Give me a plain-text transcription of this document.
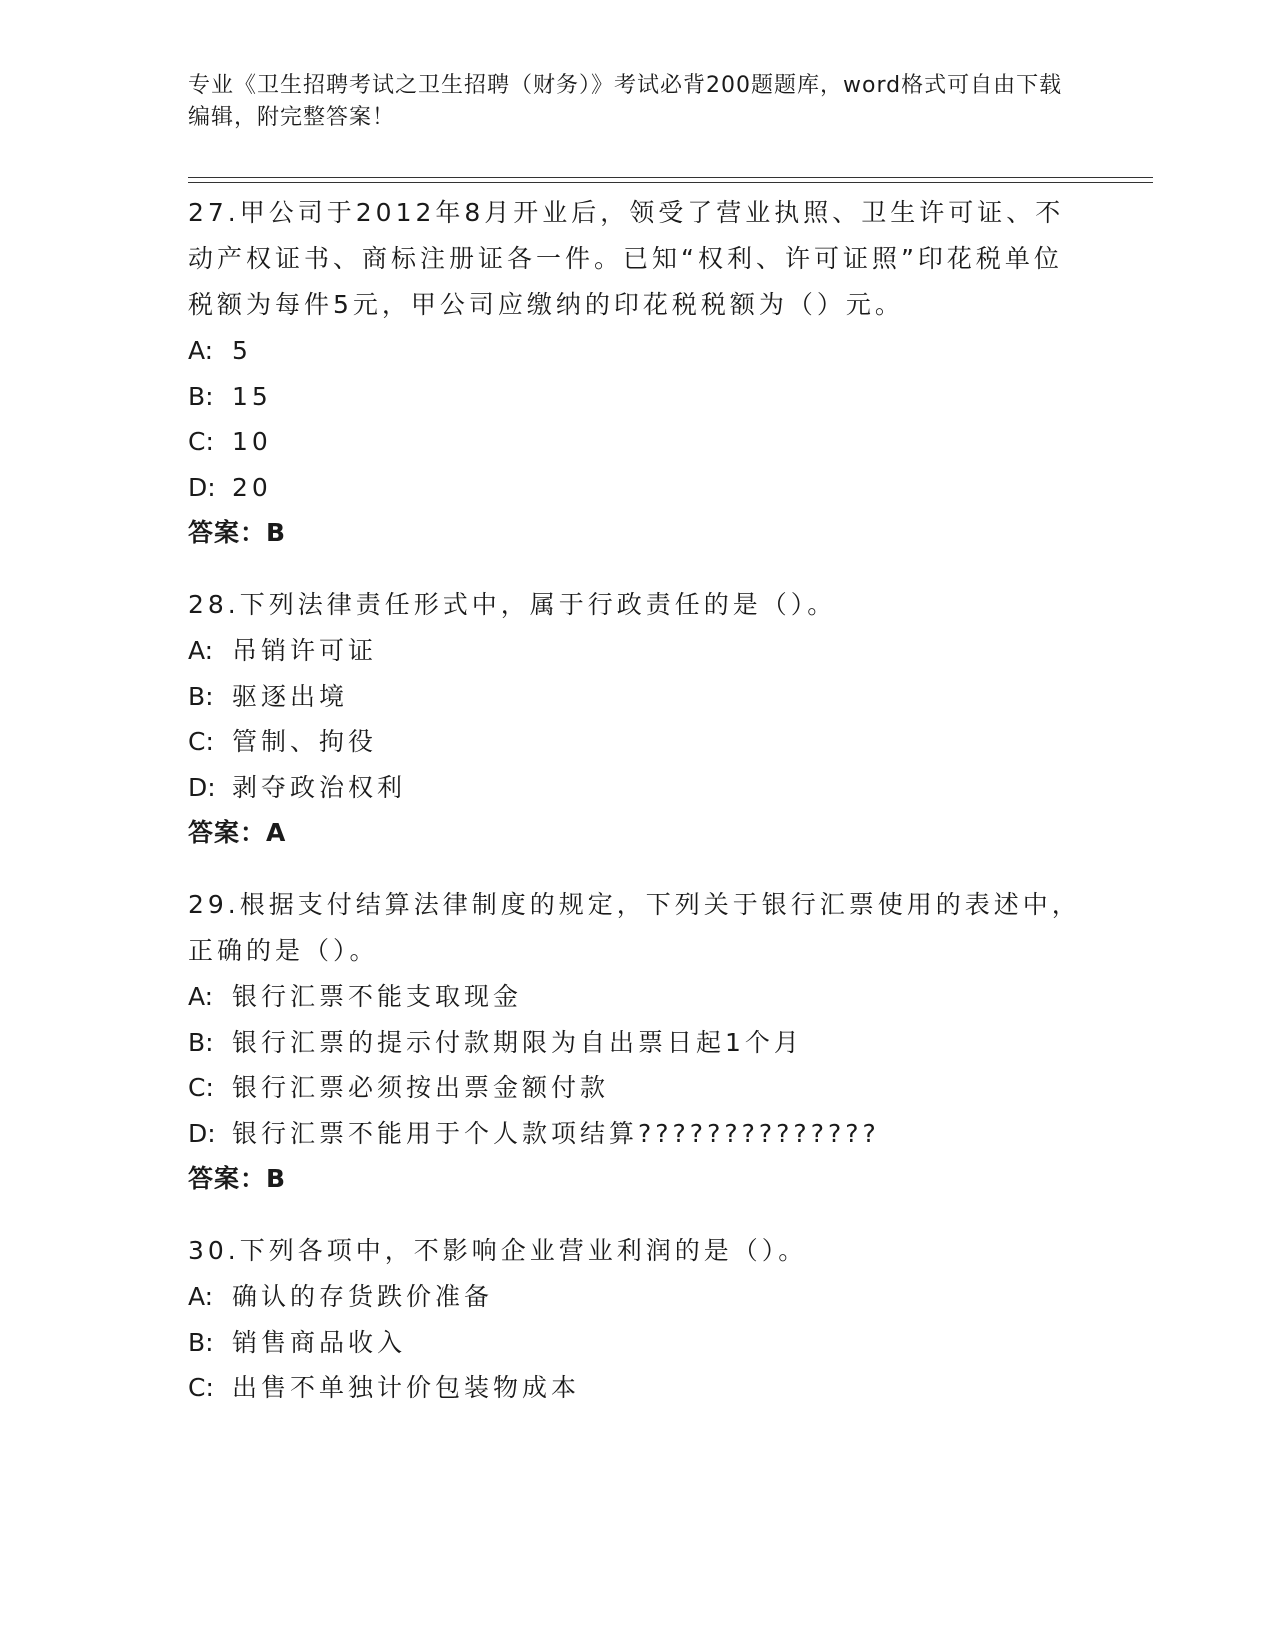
专业《卫生招聘考试之卫生招聘（财务）》考试必背200题题库，word格式可自由下载编辑，附完整答案！

27.甲公司于2012年8月开业后，领受了营业执照、卫生许可证、不动产权证书、商标注册证各一件。已知“权利、许可证照”印花税单位税额为每件5元，甲公司应缴纳的印花税税额为（）元。

A: 5

B: 15

C: 10

D: 20

答案：B

28.下列法律责任形式中，属于行政责任的是（）。

A: 吊销许可证

B: 驱逐出境

C: 管制、拘役

D: 剥夺政治权利

答案：A

29.根据支付结算法律制度的规定，下列关于银行汇票使用的表述中，正确的是（）。

A: 银行汇票不能支取现金

B: 银行汇票的提示付款期限为自出票日起1个月

C: 银行汇票必须按出票金额付款

D: 银行汇票不能用于个人款项结算??????????????

答案：B

30.下列各项中，不影响企业营业利润的是（）。

A: 确认的存货跌价准备

B: 销售商品收入

C: 出售不单独计价包装物成本
